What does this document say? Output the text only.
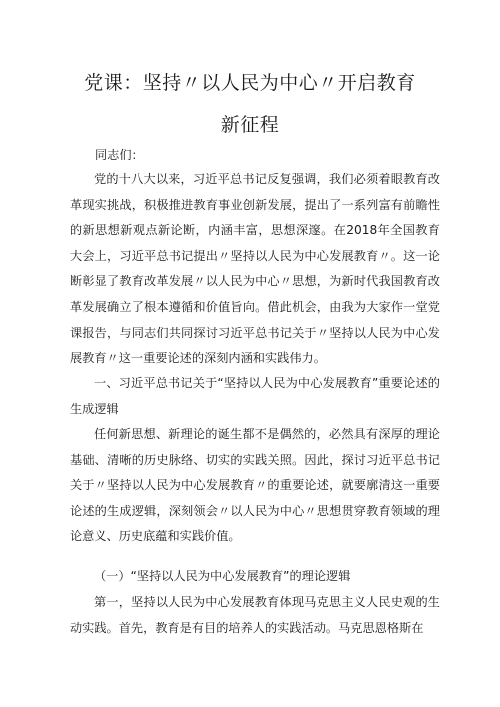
党课：坚持〃以人民为中心〃开启教育
新征程
同志们：
党的十八大以来，习近平总书记反复强调，我们必须着眼教育改革现实挑战，积极推进教育事业创新发展，提出了一系列富有前瞻性的新思想新观点新论断，内涵丰富，思想深邃。在2018年全国教育大会上，习近平总书记提出〃坚持以人民为中心发展教育〃。这一论断彰显了教育改革发展〃以人民为中心〃思想，为新时代我国教育改革发展确立了根本遵循和价值旨向。借此机会，由我为大家作一堂党课报告，与同志们共同探讨习近平总书记关于〃坚持以人民为中心发展教育〃这一重要论述的深刻内涵和实践伟力。
一、习近平总书记关于“坚持以人民为中心发展教育”重要论述的生成逻辑
任何新思想、新理论的诞生都不是偶然的，必然具有深厚的理论基础、清晰的历史脉络、切实的实践关照。因此，探讨习近平总书记关于〃坚持以人民为中心发展教育〃的重要论述，就要廓清这一重要论述的生成逻辑，深刻领会〃以人民为中心〃思想贯穿教育领域的理论意义、历史底蕴和实践价值。
（一）“坚持以人民为中心发展教育”的理论逻辑
第一，坚持以人民为中心发展教育体现马克思主义人民史观的生动实践。首先，教育是有目的培养人的实践活动。马克思恩格斯在
